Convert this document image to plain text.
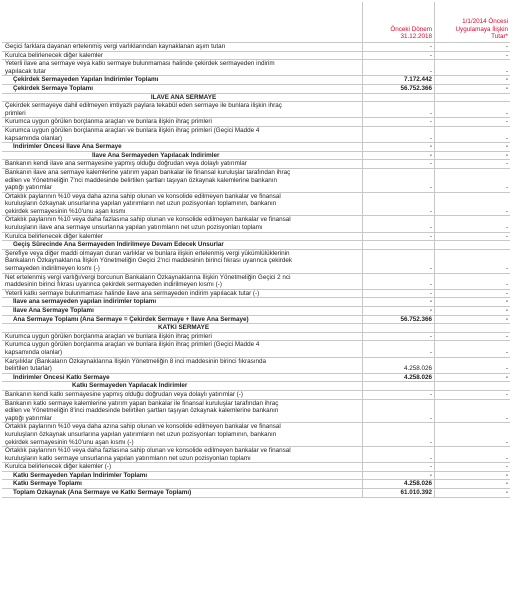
Önceki Dönem
31.12.2018
1/1/2014 Öncesi
Uygulamaya İlişkin
Tutar*
Geçici farklara dayanan ertelenmiş vergi varlıklarından kaynaklanan aşım tutarı	-	-
Kurulca belirlenecek diğer kalemler	-	-
Yeterli ilave ana sermaye veya katkı sermaye bulunmaması halinde çekirdek sermayeden indirim
yapılacak tutar	-	-
Çekirdek Sermayeden Yapılan İndirimler Toplamı	7.172.442	-
Çekirdek Sermaye Toplamı	56.752.366	-
İLAVE ANA SERMAYE
Çekirdek sermayeye dahil edilmeyen imtiyazlı paylara tekabül eden sermaye ile bunlara ilişkin ihraç
primleri	-	-
Kurumca uygun görülen borçlanma araçları ve bunlara ilişkin ihraç primleri	-	-
Kurumca uygun görülen borçlanma araçları ve bunlara ilişkin ihraç primleri (Geçici Madde 4
kapsamında olanlar)	-	-
İndirimler Öncesi İlave Ana Sermaye	-	-
İlave Ana Sermayeden Yapılacak İndirimler	-	-
Bankanın kendi ilave ana sermayesine yapmış olduğu doğrudan veya dolaylı yatırımlar	-	-
Bankanın ilave ana sermaye kalemlerine yatırım yapan bankalar ile finansal kuruluşlar tarafından ihraç
edilen ve Yönetmeliğin 7'nci maddesinde belirtilen şartları taşıyan özkaynak kalemlerine bankanın
yaptığı yatırımlar	-	-
Ortaklık paylarının %10 veya daha azına sahip olunan ve konsolide edilmeyen bankalar ve finansal
kuruluşların özkaynak unsurlarına yapılan yatırımların net uzun pozisyonları toplamının, bankanın
çekirdek sermayesinin %10'unu aşan kısmı	-	-
Ortaklık paylarının %10 veya daha fazlasına sahip olunan ve konsolide edilmeyen bankalar ve finansal
kuruluşların ilave ana sermaye unsurlarına yapılan yatırımların net uzun pozisyonları toplamı	-	-
Kurulca belirlenecek diğer kalemler	-	-
Geçiş Sürecinde Ana Sermayeden İndirilmeye Devam Edecek Unsurlar
Şerefiye veya diğer maddi olmayan duran varlıklar ve bunlara ilişkin ertelenmiş vergi yükümlülüklerinin
Bankaların Özkaynaklarına İlişkin Yönetmeliğin Geçici 2'nci maddesinin birinci fıkrası uyarınca çekirdek
sermayeden indirilmeyen kısmı (-)	-	-
Net ertelenmiş vergi varlığı/vergi borcunun Bankaların Özkaynaklarına İlişkin Yönetmeliğin Geçici 2 nci
maddesinin birinci fıkrası uyarınca çekirdek sermayeden indirilmeyen kısmı (-)	-	-
Yeterli katkı sermaye bulunmaması halinde ilave ana sermayeden indirim yapılacak tutar (-)	-	-
İlave ana sermayeden yapılan indirimler toplamı	-	-
İlave Ana Sermaye Toplamı	-	-
Ana Sermaye Toplamı (Ana Sermaye = Çekirdek Sermaye + İlave Ana Sermaye)	56.752.366	-
KATKI SERMAYE
Kurumca uygun görülen borçlanma araçları ve bunlara ilişkin ihraç primleri	-	-
Kurumca uygun görülen borçlanma araçları ve bunlara ilişkin ihraç primleri (Geçici Madde 4
kapsamında olanlar)	-	-
Karşılıklar (Bankaların Özkaynaklarına İlişkin Yönetmeliğin 8 inci maddesinin birinci fıkrasında
belirtilen tutarlar)	4.258.026	-
İndirimler Öncesi Katkı Sermaye	4.258.026	-
Katkı Sermayeden Yapılacak İndirimler
Bankanın kendi katkı sermayesine yapmış olduğu doğrudan veya dolaylı yatırımlar (-)	-	-
Bankanın katkı sermaye kalemlerine yatırım yapan bankalar ile finansal kuruluşlar tarafından ihraç
edilen ve Yönetmeliğin 8'inci maddesinde belirtilen şartları taşıyan özkaynak kalemlerine bankanın
yaptığı yatırımlar	-	-
Ortaklık paylarının %10 veya daha azına sahip olunan ve konsolide edilmeyen bankalar ve finansal
kuruluşların özkaynak unsurlarına yapılan yatırımların net uzun pozisyonları toplamının, bankanın
çekirdek sermayesinin %10'unu aşan kısmı (-)	-	-
Ortaklık paylarının %10 veya daha fazlasına sahip olunan ve konsolide edilmeyen bankalar ve finansal
kuruluşların katkı sermaye unsurlarına yapılan yatırımların net uzun pozisyonları toplamı	-	-
Kurulca belirlenecek diğer kalemler (-)	-	-
Katkı Sermayeden Yapılan İndirimler Toplamı	-	-
Katkı Sermaye Toplamı	4.258.026	-
Toplam Özkaynak (Ana Sermaye ve Katkı Sermaye Toplamı)	61.010.392	-
